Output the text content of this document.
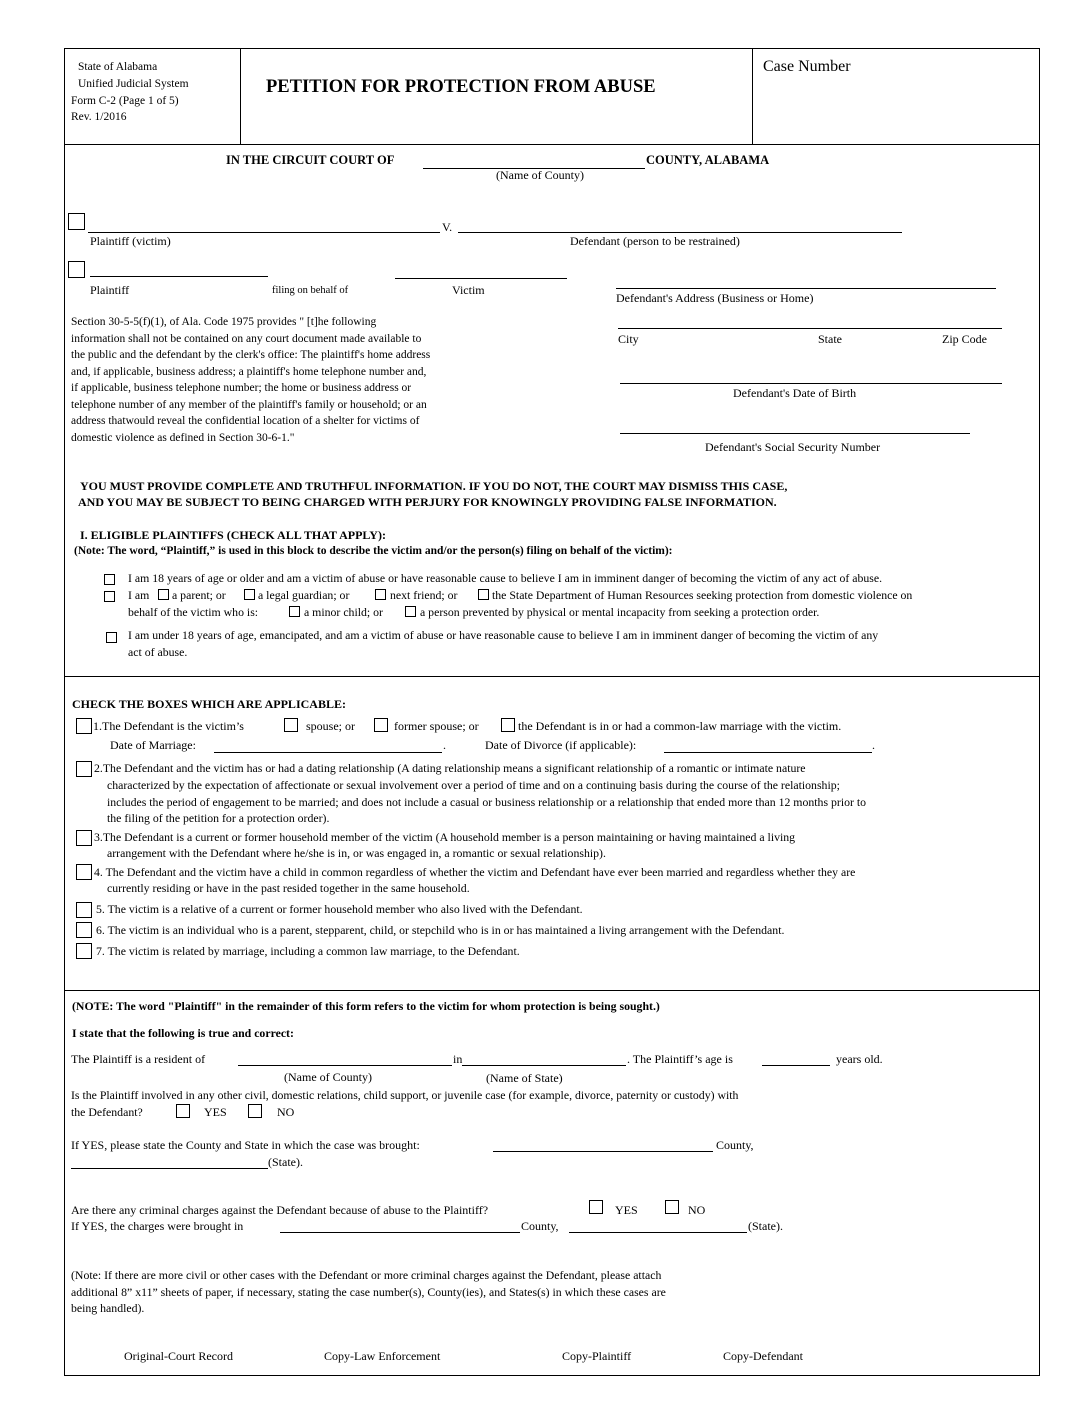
State of Alabama
Unified Judicial System
Form C-2 (Page 1 of 5)
Rev. 1/2016
PETITION FOR PROTECTION FROM ABUSE
Case Number
IN THE CIRCUIT COURT OF	COUNTY, ALABAMA
(Name of County)
V.
Plaintiff (victim)	Defendant (person to be restrained)
Plaintiff	filing on behalf of	Victim
Defendant's Address (Business or Home)
City	State	Zip Code
Defendant's Date of Birth
Defendant's Social Security Number
Section 30-5-5(f)(1), of Ala. Code 1975 provides " [t]he following information shall not be contained on any court document made available to the public and the defendant by the clerk's office: The plaintiff's home address and, if applicable, business address; a plaintiff's home telephone number and, if applicable, business telephone number; the home or business address or telephone number of any member of the plaintiff's family or household; or an address thatwould reveal the confidential location of a shelter for victims of domestic violence as defined in Section 30-6-1."
YOU MUST PROVIDE COMPLETE AND TRUTHFUL INFORMATION. IF YOU DO NOT, THE COURT MAY DISMISS THIS CASE,
AND YOU MAY BE SUBJECT TO BEING CHARGED WITH PERJURY FOR KNOWINGLY PROVIDING FALSE INFORMATION.
I. ELIGIBLE PLAINTIFFS (CHECK ALL THAT APPLY):
(Note: The word, “Plaintiff,” is used in this block to describe the victim and/or the person(s) filing on behalf of the victim):
I am 18 years of age or older and am a victim of abuse or have reasonable cause to believe I am in imminent danger of becoming the victim of any act of abuse.
I am a parent; or	a legal guardian; or	next friend; or	the State Department of Human Resources seeking protection from domestic violence on
behalf of the victim who is:	a minor child; or	a person prevented by physical or mental incapacity from seeking a protection order.
I am under 18 years of age, emancipated, and am a victim of abuse or have reasonable cause to believe I am in imminent danger of becoming the victim of any
act of abuse.
CHECK THE BOXES WHICH ARE APPLICABLE:
1.The Defendant is the victim’s	spouse; or	former spouse; or	the Defendant is in or had a common-law marriage with the victim.
Date of Marriage:	.	Date of Divorce (if applicable):	.
2.The Defendant and the victim has or had a dating relationship (A dating relationship means a significant relationship of a romantic or intimate nature
characterized by the expectation of affectionate or sexual involvement over a period of time and on a continuing basis during the course of the relationship;
includes the period of engagement to be married; and does not include a casual or business relationship or a relationship that ended more than 12 months prior to
the filing of the petition for a protection order).
3.The Defendant is a current or former household member of the victim (A household member is a person maintaining or having maintained a living
arrangement with the Defendant where he/she is in, or was engaged in, a romantic or sexual relationship).
4. The Defendant and the victim have a child in common regardless of whether the victim and Defendant have ever been married and regardless whether they are
currently residing or have in the past resided together in the same household.
5. The victim is a relative of a current or former household member who also lived with the Defendant.
6. The victim is an individual who is a parent, stepparent, child, or stepchild who is in or has maintained a living arrangement with the Defendant.
7. The victim is related by marriage, including a common law marriage, to the Defendant.
(NOTE: The word "Plaintiff" in the remainder of this form refers to the victim for whom protection is being sought.)
I state that the following is true and correct:
The Plaintiff is a resident of	in	. The Plaintiff’s age is	years old.
(Name of County)	(Name of State)
Is the Plaintiff involved in any other civil, domestic relations, child support, or juvenile case (for example, divorce, paternity or custody) with
the Defendant?	YES	NO
If YES, please state the County and State in which the case was brought:	County,
(State).
Are there any criminal charges against the Defendant because of abuse to the Plaintiff?	YES	NO
If YES, the charges were brought in	County,	(State).
(Note: If there are more civil or other cases with the Defendant or more criminal charges against the Defendant, please attach
additional 8” x11” sheets of paper, if necessary, stating the case number(s), County(ies), and States(s) in which these cases are
being handled).
Original-Court Record	Copy-Law Enforcement	Copy-Plaintiff	Copy-Defendant
